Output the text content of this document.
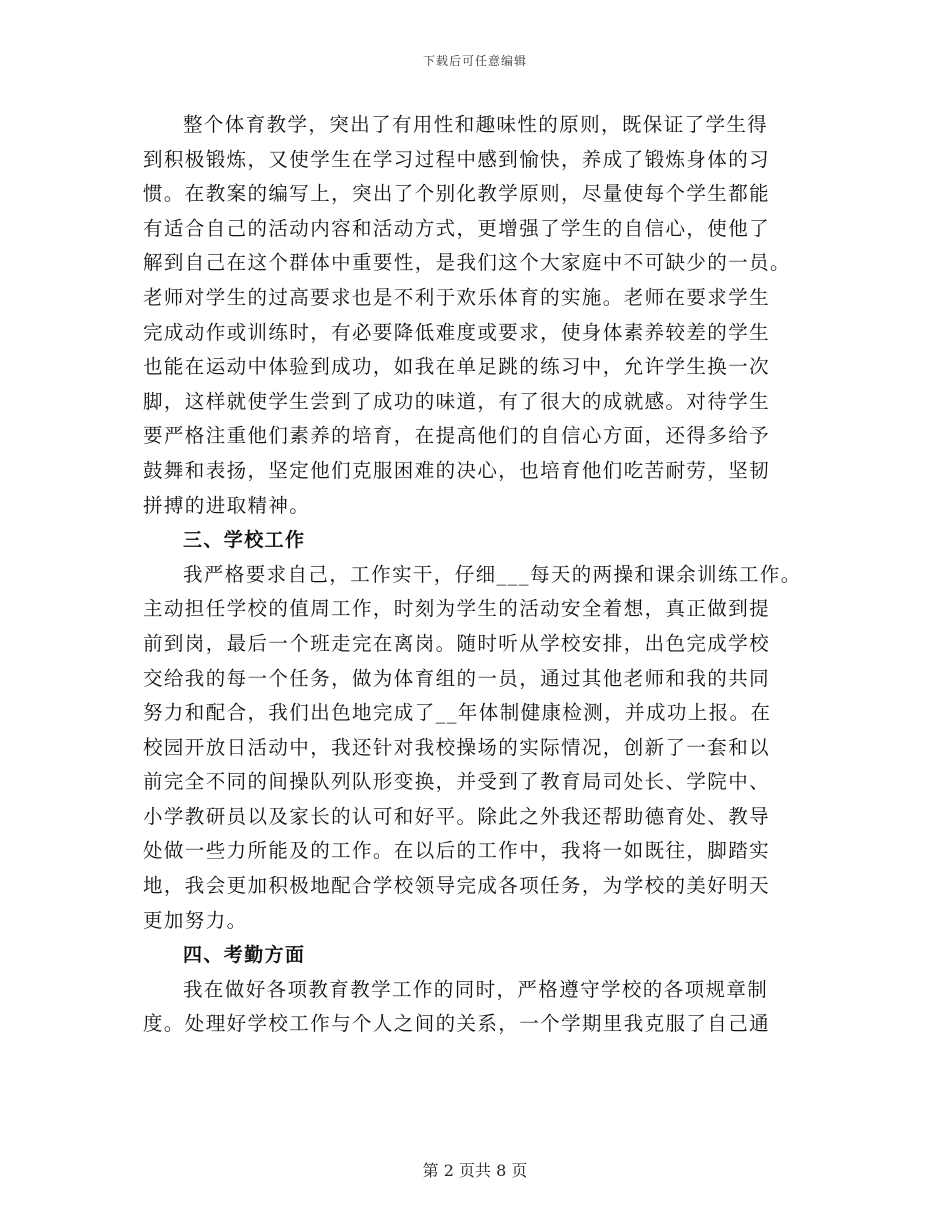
下载后可任意编辑
整个体育教学，突出了有用性和趣味性的原则，既保证了学生得
到积极锻炼，又使学生在学习过程中感到愉快，养成了锻炼身体的习
惯。在教案的编写上，突出了个别化教学原则，尽量使每个学生都能
有适合自己的活动内容和活动方式，更增强了学生的自信心，使他了
解到自己在这个群体中重要性，是我们这个大家庭中不可缺少的一员。
老师对学生的过高要求也是不利于欢乐体育的实施。老师在要求学生
完成动作或训练时，有必要降低难度或要求，使身体素养较差的学生
也能在运动中体验到成功，如我在单足跳的练习中，允许学生换一次
脚，这样就使学生尝到了成功的味道，有了很大的成就感。对待学生
要严格注重他们素养的培育，在提高他们的自信心方面，还得多给予
鼓舞和表扬，坚定他们克服困难的决心，也培育他们吃苦耐劳，坚韧
拼搏的进取精神。
三、学校工作
我严格要求自己，工作实干，仔细___每天的两操和课余训练工作。
主动担任学校的值周工作，时刻为学生的活动安全着想，真正做到提
前到岗，最后一个班走完在离岗。随时听从学校安排，出色完成学校
交给我的每一个任务，做为体育组的一员，通过其他老师和我的共同
努力和配合，我们出色地完成了__年体制健康检测，并成功上报。在
校园开放日活动中，我还针对我校操场的实际情况，创新了一套和以
前完全不同的间操队列队形变换，并受到了教育局司处长、学院中、
小学教研员以及家长的认可和好平。除此之外我还帮助德育处、教导
处做一些力所能及的工作。在以后的工作中，我将一如既往，脚踏实
地，我会更加积极地配合学校领导完成各项任务，为学校的美好明天
更加努力。
四、考勤方面
我在做好各项教育教学工作的同时，严格遵守学校的各项规章制
度。处理好学校工作与个人之间的关系，一个学期里我克服了自己通
第 2 页共 8 页
